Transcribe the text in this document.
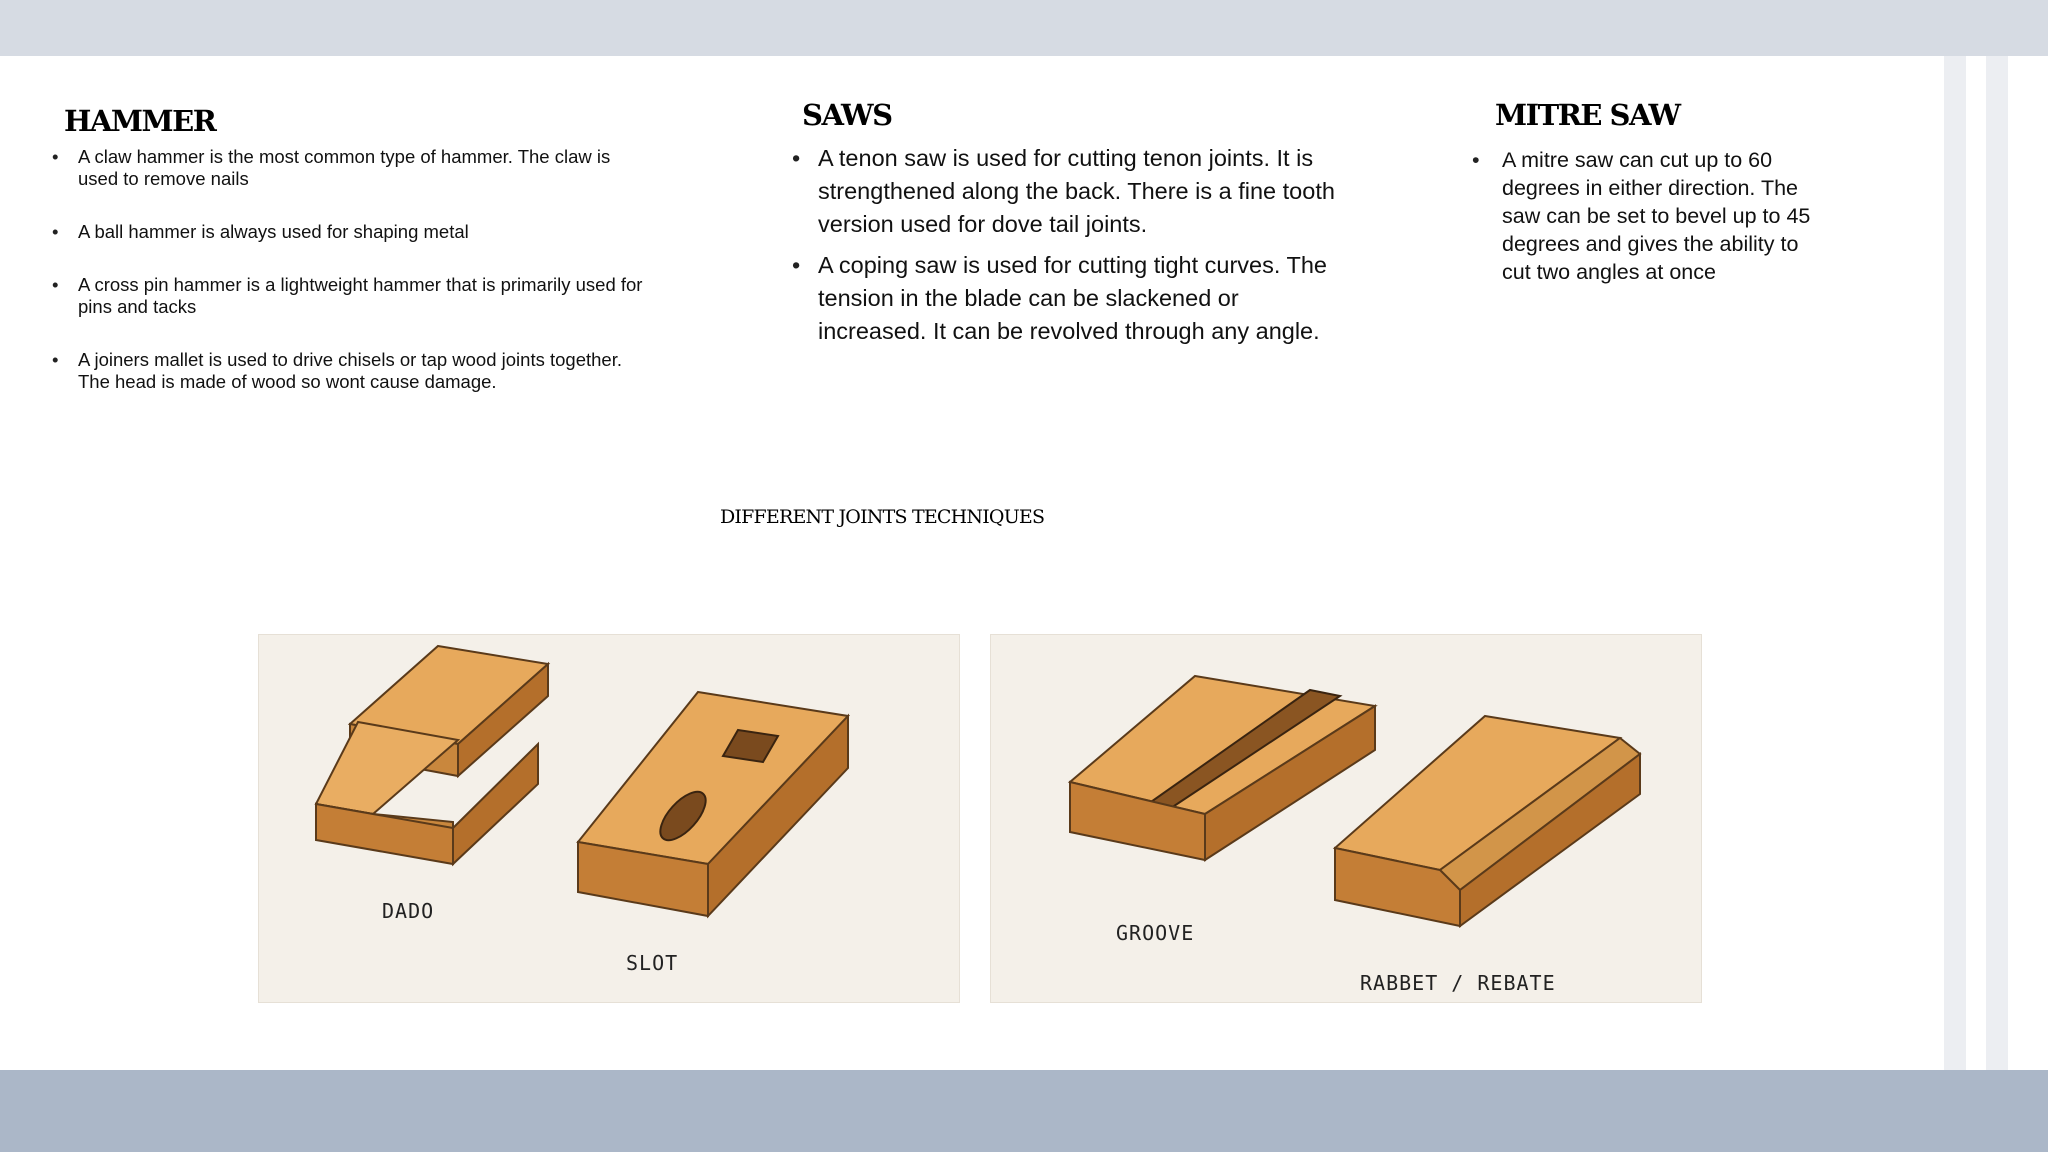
HAMMER
• A claw hammer is the most common type of hammer. The claw is used to remove nails
• A ball hammer is always used for shaping metal
• A cross pin hammer is a lightweight hammer that is primarily used for pins and tacks
• A joiners mallet is used to drive chisels or tap wood joints together. The head is made of wood so wont cause damage.
SAWS
• A tenon saw is used for cutting tenon joints. It is strengthened along the back. There is a fine tooth version used for dove tail joints.
• A coping saw is used for cutting tight curves. The tension in the blade can be slackened or increased. It can be revolved through any angle.
MITRE SAW
• A mitre saw can cut up to 60 degrees in either direction. The saw can be set to bevel up to 45 degrees and gives the ability to cut two angles at once

DIFFERENT JOINTS TECHNIQUES

DADO
SLOT
GROOVE
RABBET / REBATE
